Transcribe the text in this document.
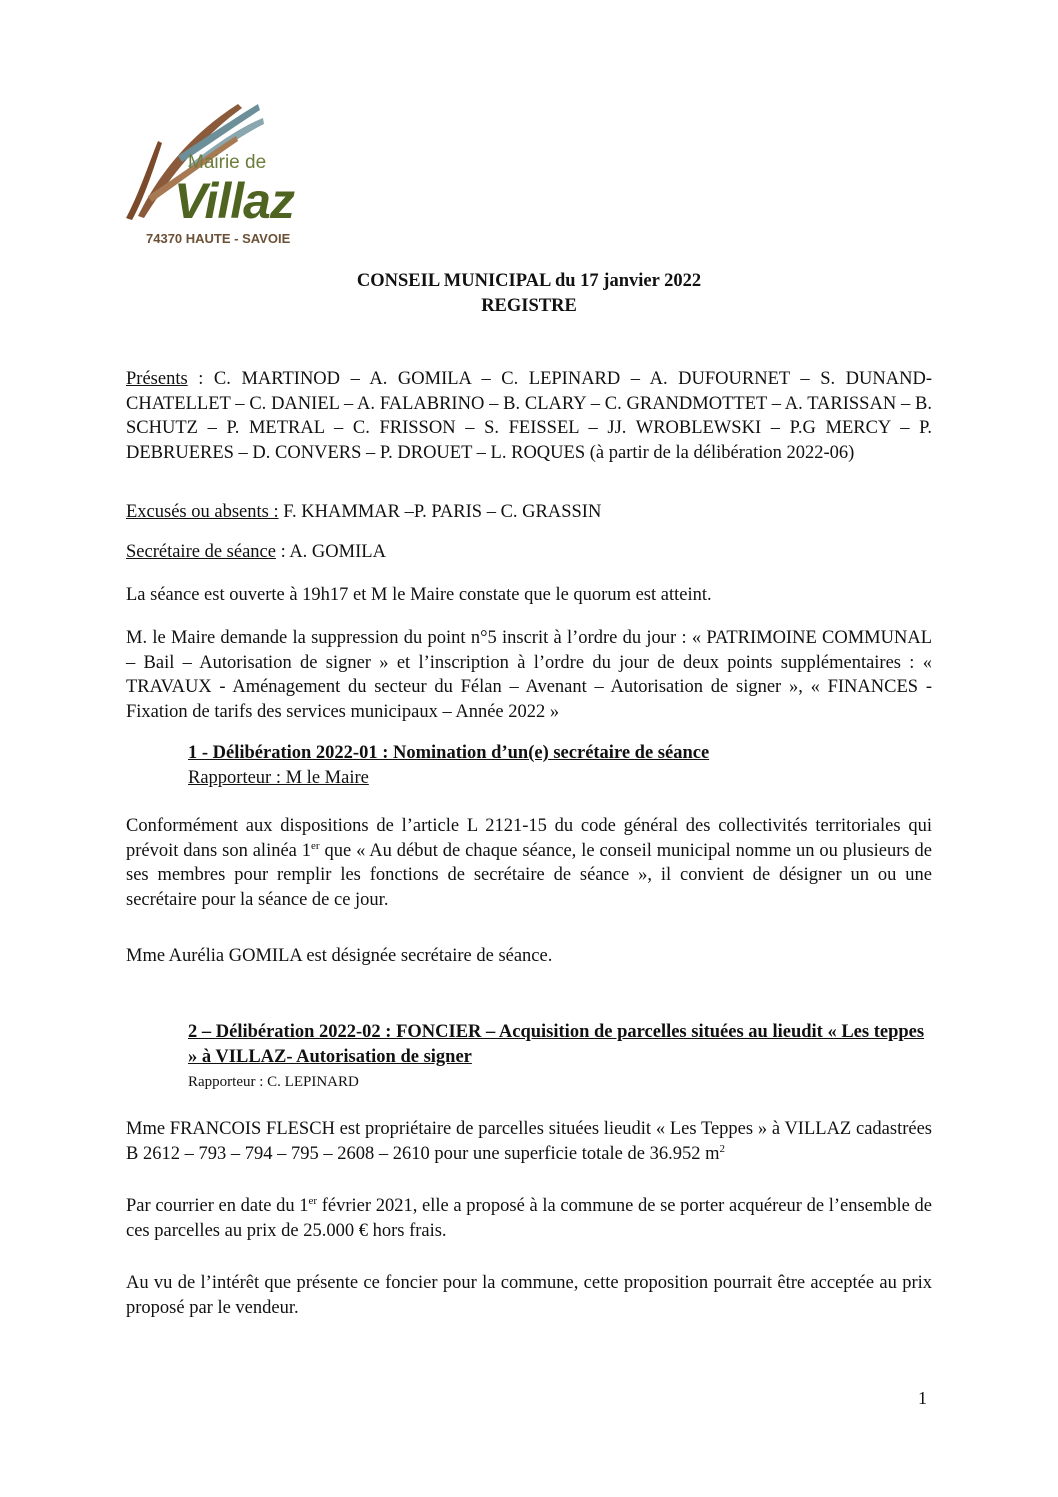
Mairie de
Villaz
74370 HAUTE - SAVOIE
CONSEIL MUNICIPAL du 17 janvier 2022
REGISTRE
Présents : C. MARTINOD – A. GOMILA – C. LEPINARD – A. DUFOURNET – S. DUNAND-CHATELLET – C. DANIEL – A. FALABRINO – B. CLARY – C. GRANDMOTTET – A. TARISSAN – B. SCHUTZ – P. METRAL – C. FRISSON – S. FEISSEL – JJ. WROBLEWSKI – P.G MERCY – P. DEBRUERES – D. CONVERS – P. DROUET – L. ROQUES (à partir de la délibération 2022-06)
Excusés ou absents : F. KHAMMAR –P. PARIS – C. GRASSIN
Secrétaire de séance : A. GOMILA
La séance est ouverte à 19h17 et M le Maire constate que le quorum est atteint.
M. le Maire demande la suppression du point n°5 inscrit à l’ordre du jour : « PATRIMOINE COMMUNAL – Bail – Autorisation de signer » et l’inscription à l’ordre du jour de deux points supplémentaires : « TRAVAUX - Aménagement du secteur du Félan – Avenant – Autorisation de signer », « FINANCES - Fixation de tarifs des services municipaux – Année 2022 »
1 - Délibération 2022-01 : Nomination d’un(e) secrétaire de séance
Rapporteur : M le Maire
Conformément aux dispositions de l’article L 2121-15 du code général des collectivités territoriales qui prévoit dans son alinéa 1er que « Au début de chaque séance, le conseil municipal nomme un ou plusieurs de ses membres pour remplir les fonctions de secrétaire de séance », il convient de désigner un ou une secrétaire pour la séance de ce jour.
Mme Aurélia GOMILA est désignée secrétaire de séance.
2 – Délibération 2022-02 : FONCIER – Acquisition de parcelles situées au lieudit « Les teppes » à VILLAZ- Autorisation de signer
Rapporteur : C. LEPINARD
Mme FRANCOIS FLESCH est propriétaire de parcelles situées lieudit « Les Teppes » à VILLAZ cadastrées B 2612 – 793 – 794 – 795 – 2608 – 2610 pour une superficie totale de 36.952 $m^2$
Par courrier en date du 1er février 2021, elle a proposé à la commune de se porter acquéreur de l’ensemble de ces parcelles au prix de 25.000 € hors frais.
Au vu de l’intérêt que présente ce foncier pour la commune, cette proposition pourrait être acceptée au prix proposé par le vendeur.
1
